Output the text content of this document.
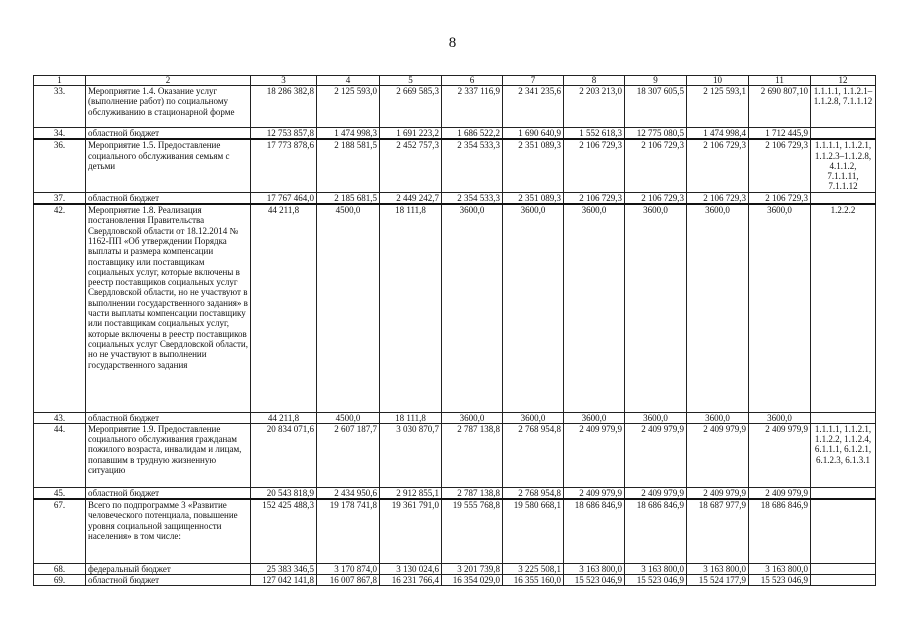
8
1	2	3	4	5	6	7	8	9	10	11	12
33.	Мероприятие 1.4. Оказание услуг (выполнение работ) по социальному обслуживанию в стационарной форме	18 286 382,8	2 125 593,0	2 669 585,3	2 337 116,9	2 341 235,6	2 203 213,0	18 307 605,5	2 125 593,1	2 690 807,10	1.1.1.1, 1.1.2.1–1.1.2.8, 7.1.1.12
34.	областной бюджет	12 753 857,8	1 474 998,3	1 691 223,2	1 686 522,2	1 690 640,9	1 552 618,3	12 775 080,5	1 474 998,4	1 712 445,9	
36.	Мероприятие 1.5. Предоставление социального обслуживания семьям с детьми	17 773 878,6	2 188 581,5	2 452 757,3	2 354 533,3	2 351 089,3	2 106 729,3	2 106 729,3	2 106 729,3	2 106 729,3	1.1.1.1, 1.1.2.1, 1.1.2.3–1.1.2.8, 4.1.1.2, 7.1.1.11, 7.1.1.12
37.	областной бюджет	17 767 464,0	2 185 681,5	2 449 242,7	2 354 533,3	2 351 089,3	2 106 729,3	2 106 729,3	2 106 729,3	2 106 729,3	
42.	Мероприятие 1.8. Реализация постановления Правительства Свердловской области от 18.12.2014 № 1162-ПП «Об утверждении Порядка выплаты и размера компенсации поставщику или поставщикам социальных услуг, которые включены в реестр поставщиков социальных услуг Свердловской области, но не участвуют в выполнении государственного задания» в части выплаты компенсации поставщику или поставщикам социальных услуг, которые включены в реестр поставщиков социальных услуг Свердловской области, но не участвуют в выполнении государственного задания	44 211,8	4500,0	18 111,8	3600,0	3600,0	3600,0	3600,0	3600,0	3600,0	1.2.2.2
43.	областной бюджет	44 211,8	4500,0	18 111,8	3600,0	3600,0	3600,0	3600,0	3600,0	3600,0	
44.	Мероприятие 1.9. Предоставление социального обслуживания гражданам пожилого возраста, инвалидам и лицам, попавшим в трудную жизненную ситуацию	20 834 071,6	2 607 187,7	3 030 870,7	2 787 138,8	2 768 954,8	2 409 979,9	2 409 979,9	2 409 979,9	2 409 979,9	1.1.1.1, 1.1.2.1, 1.1.2.2, 1.1.2.4, 6.1.1.1, 6.1.2.1, 6.1.2.3, 6.1.3.1
45.	областной бюджет	20 543 818,9	2 434 950,6	2 912 855,1	2 787 138,8	2 768 954,8	2 409 979,9	2 409 979,9	2 409 979,9	2 409 979,9	
67.	Всего по подпрограмме 3 «Развитие человеческого потенциала, повышение уровня социальной защищенности населения» в том числе:	152 425 488,3	19 178 741,8	19 361 791,0	19 555 768,8	19 580 668,1	18 686 846,9	18 686 846,9	18 687 977,9	18 686 846,9	
68.	федеральный бюджет	25 383 346,5	3 170 874,0	3 130 024,6	3 201 739,8	3 225 508,1	3 163 800,0	3 163 800,0	3 163 800,0	3 163 800,0	
69.	областной бюджет	127 042 141,8	16 007 867,8	16 231 766,4	16 354 029,0	16 355 160,0	15 523 046,9	15 523 046,9	15 524 177,9	15 523 046,9	
